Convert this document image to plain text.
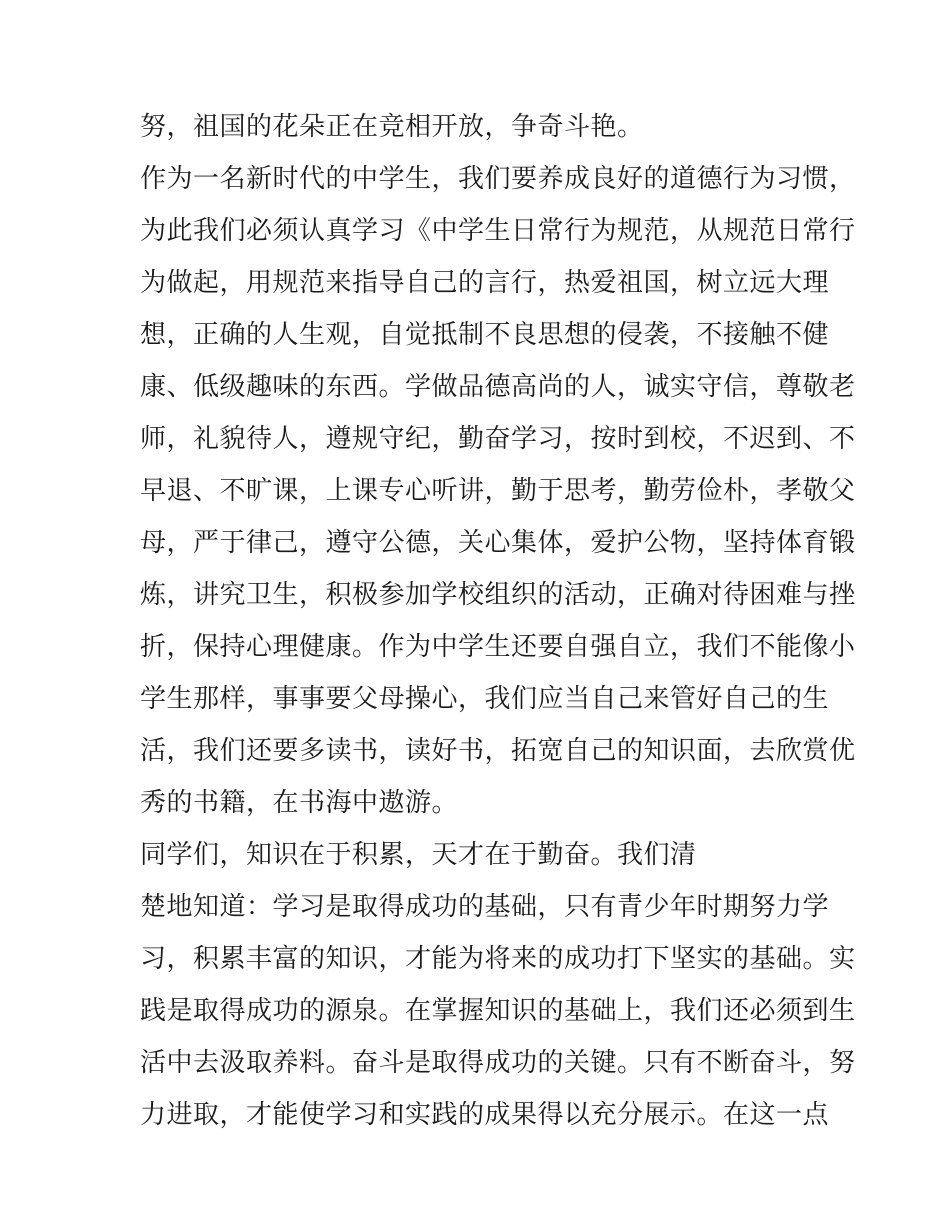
努，祖国的花朵正在竞相开放，争奇斗艳。
作为一名新时代的中学生，我们要养成良好的道德行为习惯，
为此我们必须认真学习《中学生日常行为规范，从规范日常行
为做起，用规范来指导自己的言行，热爱祖国，树立远大理
想，正确的人生观，自觉抵制不良思想的侵袭，不接触不健
康、低级趣味的东西。学做品德高尚的人，诚实守信，尊敬老
师，礼貌待人，遵规守纪，勤奋学习，按时到校，不迟到、不
早退、不旷课，上课专心听讲，勤于思考，勤劳俭朴，孝敬父
母，严于律己，遵守公德，关心集体，爱护公物，坚持体育锻
炼，讲究卫生，积极参加学校组织的活动，正确对待困难与挫
折，保持心理健康。作为中学生还要自强自立，我们不能像小
学生那样，事事要父母操心，我们应当自己来管好自己的生
活，我们还要多读书，读好书，拓宽自己的知识面，去欣赏优
秀的书籍，在书海中遨游。
同学们，知识在于积累，天才在于勤奋。我们清
楚地知道：学习是取得成功的基础，只有青少年时期努力学
习，积累丰富的知识，才能为将来的成功打下坚实的基础。实
践是取得成功的源泉。在掌握知识的基础上，我们还必须到生
活中去汲取养料。奋斗是取得成功的关键。只有不断奋斗，努
力进取，才能使学习和实践的成果得以充分展示。在这一点
